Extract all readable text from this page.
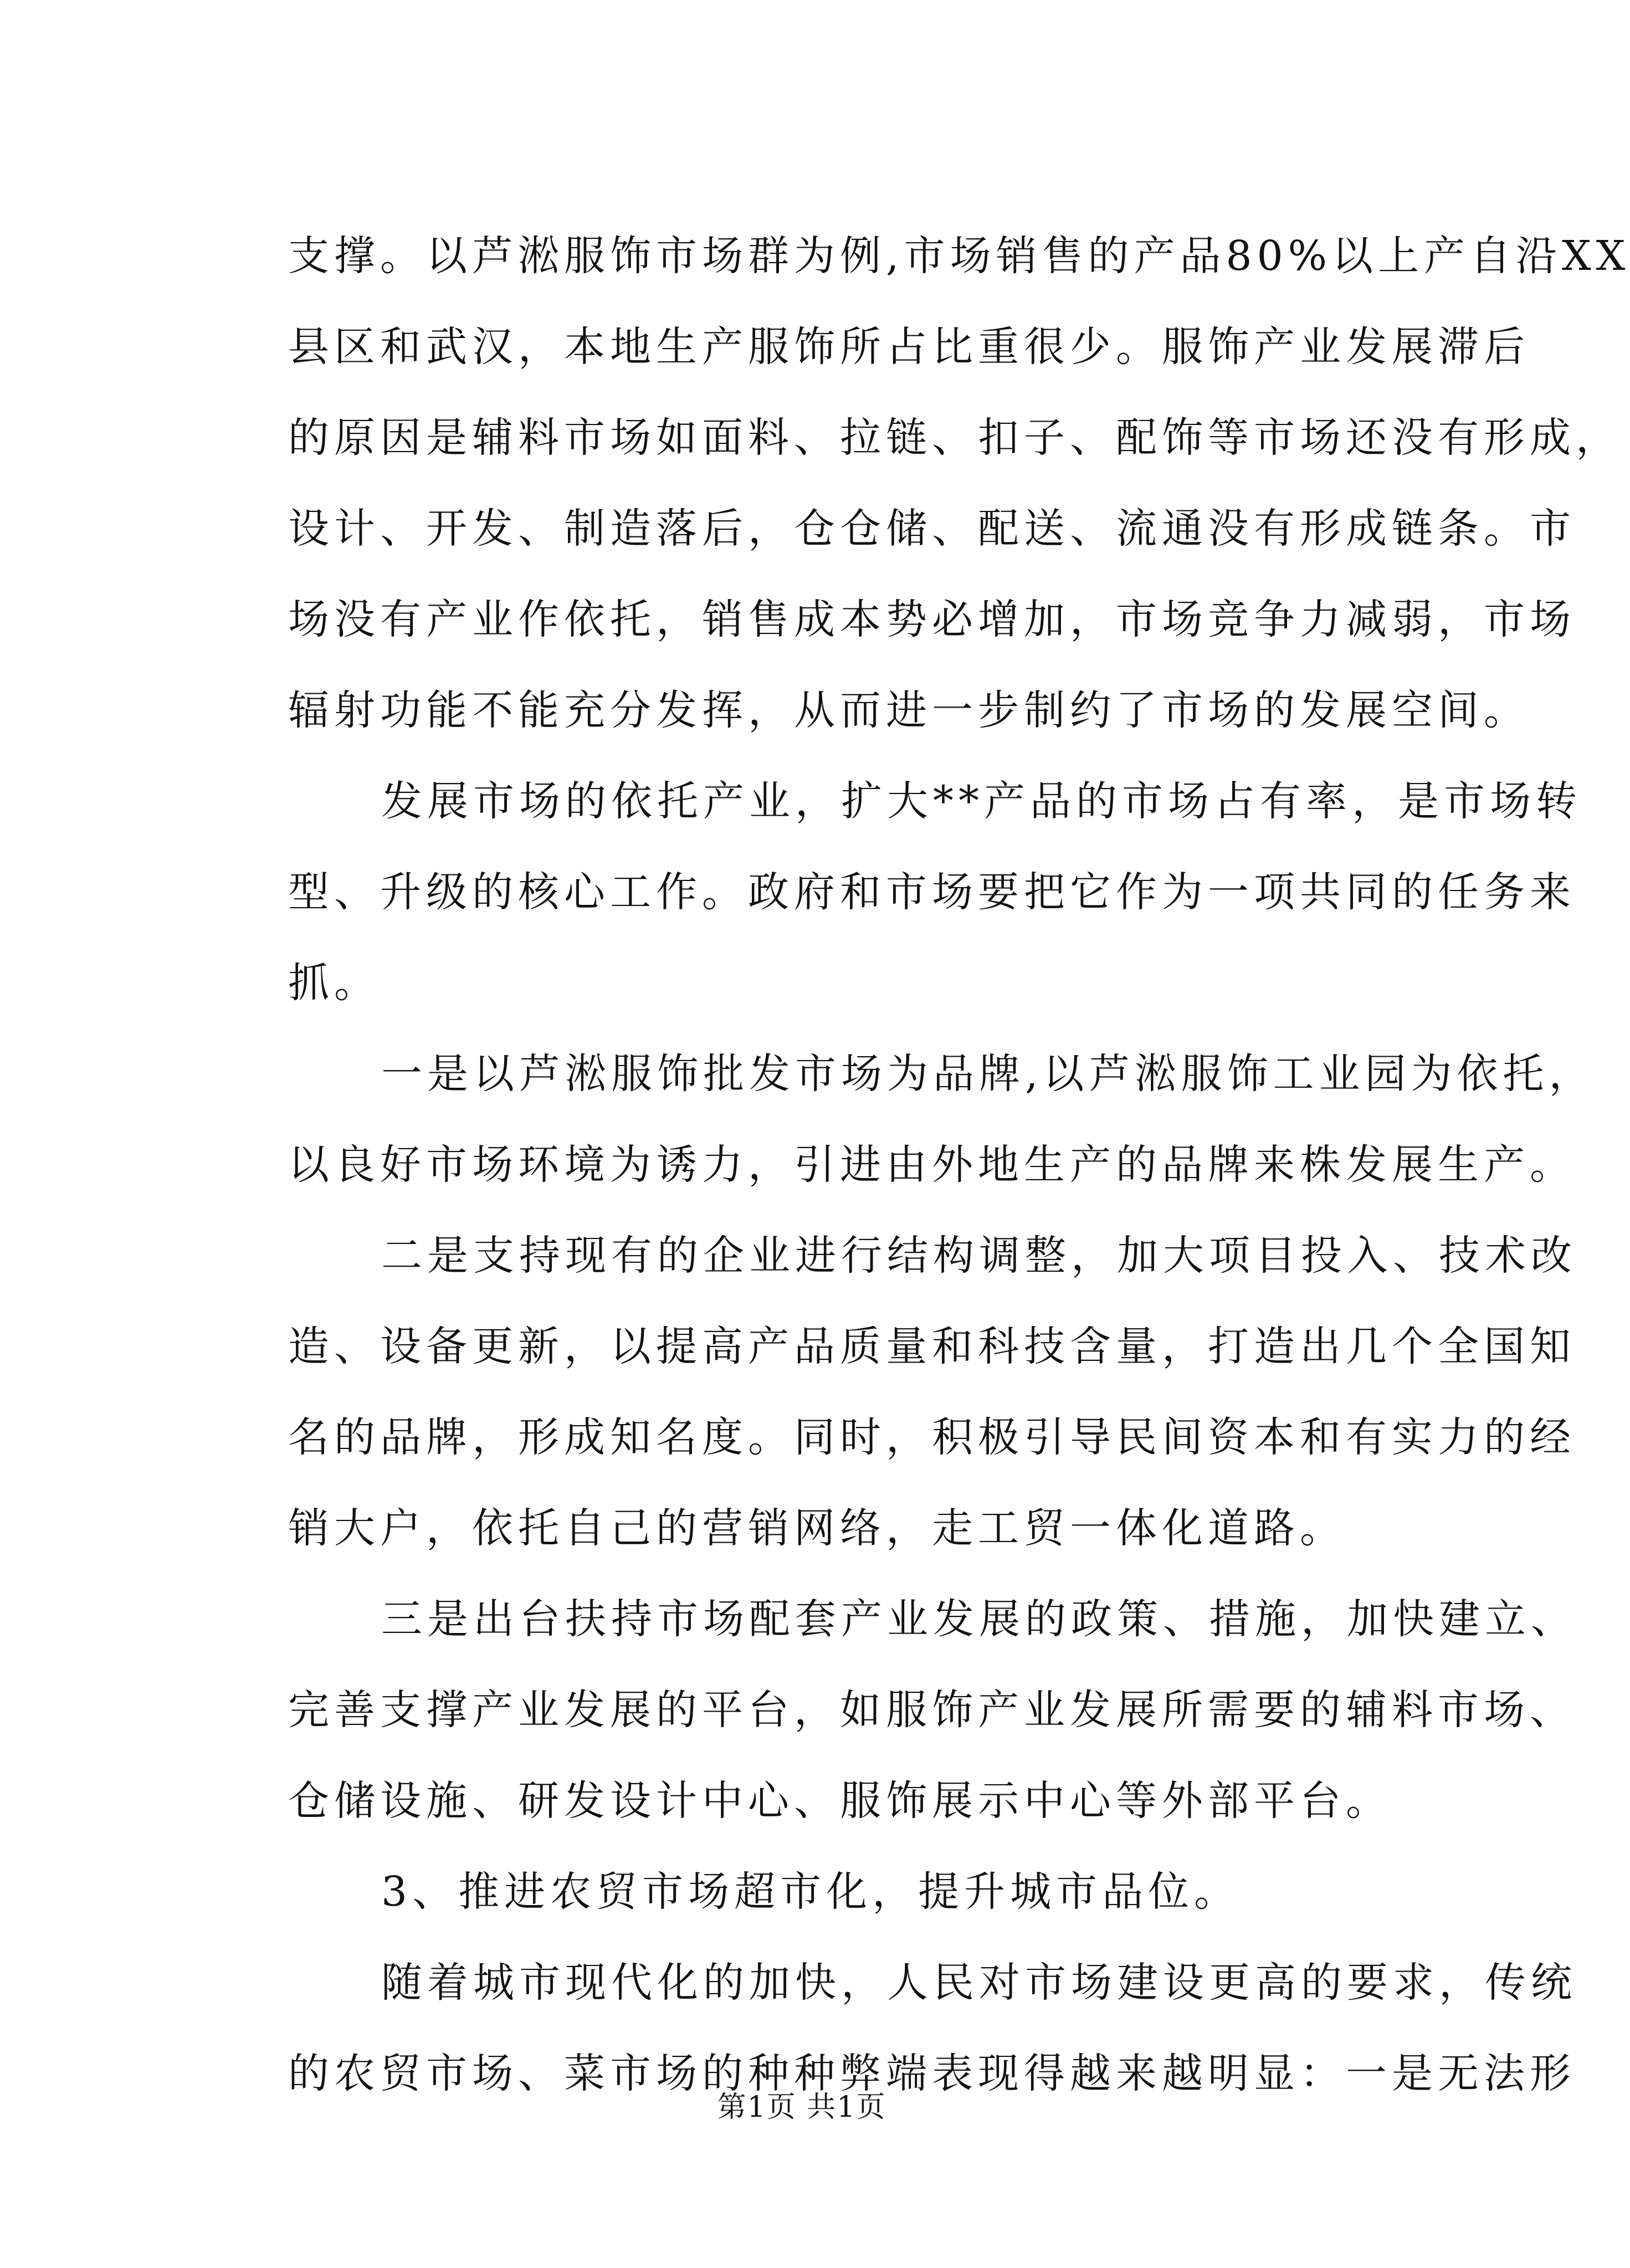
支撑。以芦淞服饰市场群为例,市场销售的产品80%以上产自沿XX
县区和武汉，本地生产服饰所占比重很少。服饰产业发展滞后
的原因是辅料市场如面料、拉链、扣子、配饰等市场还没有形成，
设计、开发、制造落后，仓仓储、配送、流通没有形成链条。市
场没有产业作依托，销售成本势必增加，市场竞争力减弱，市场
辐射功能不能充分发挥，从而进一步制约了市场的发展空间。
发展市场的依托产业，扩大**产品的市场占有率，是市场转
型、升级的核心工作。政府和市场要把它作为一项共同的任务来
抓。
一是以芦淞服饰批发市场为品牌,以芦淞服饰工业园为依托，
以良好市场环境为诱力，引进由外地生产的品牌来株发展生产。
二是支持现有的企业进行结构调整，加大项目投入、技术改
造、设备更新，以提高产品质量和科技含量，打造出几个全国知
名的品牌，形成知名度。同时，积极引导民间资本和有实力的经
销大户，依托自己的营销网络，走工贸一体化道路。
三是出台扶持市场配套产业发展的政策、措施，加快建立、
完善支撑产业发展的平台，如服饰产业发展所需要的辅料市场、
仓储设施、研发设计中心、服饰展示中心等外部平台。
3、推进农贸市场超市化，提升城市品位。
随着城市现代化的加快，人民对市场建设更高的要求，传统
的农贸市场、菜市场的种种弊端表现得越来越明显：一是无法形
第1页 共1页
